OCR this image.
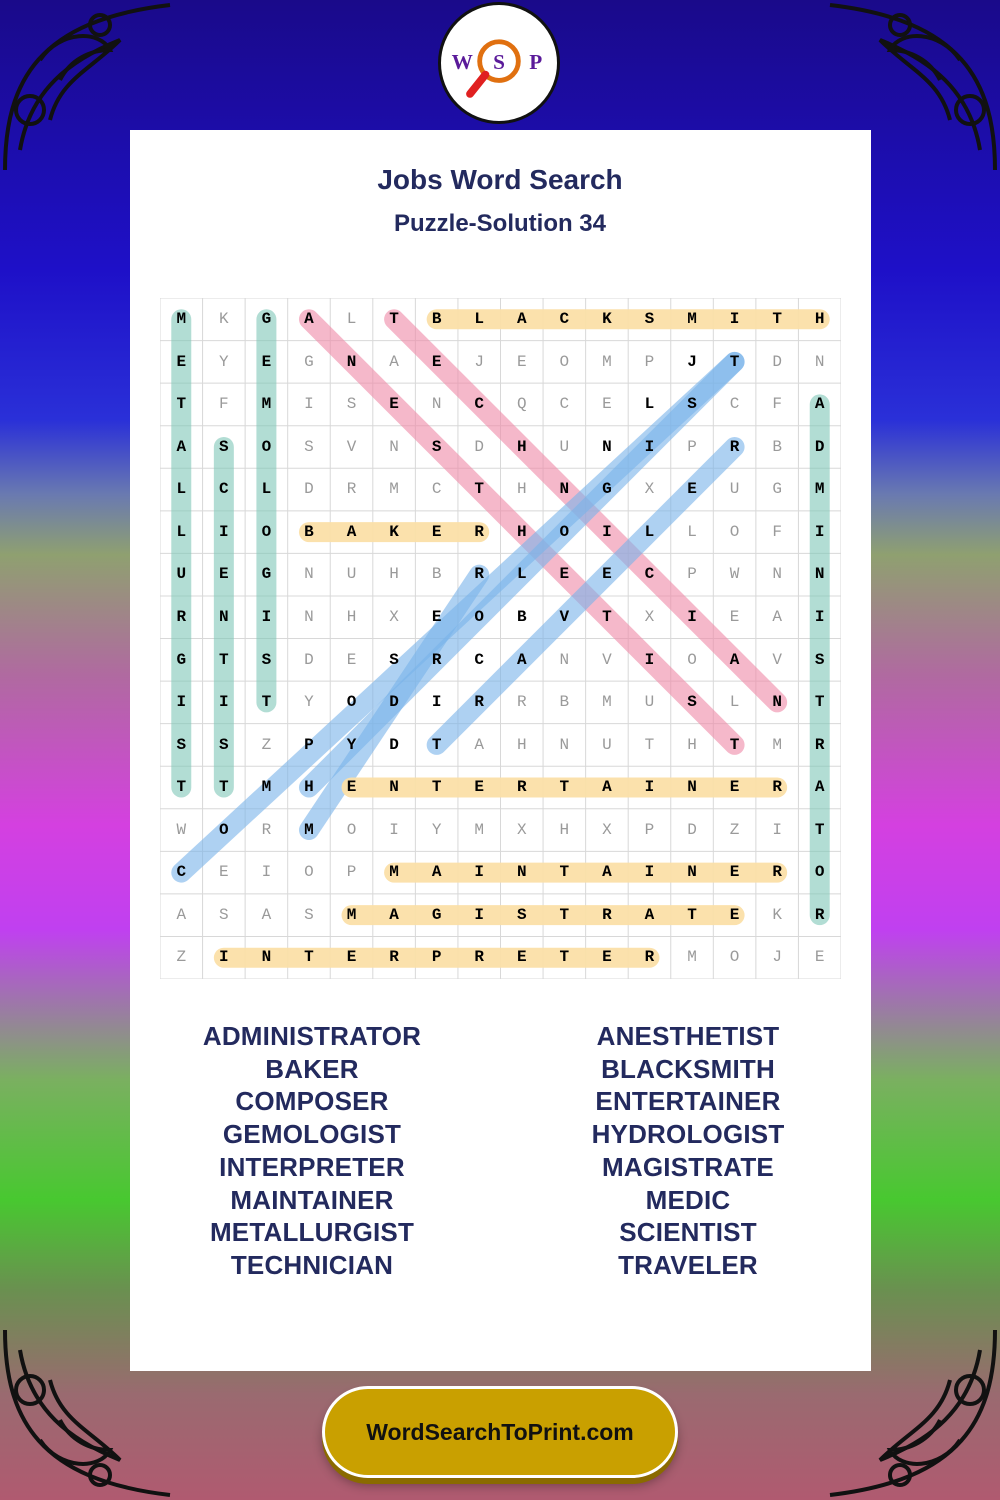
W S P
Jobs Word Search
Puzzle-Solution 34
M	K	G	A	L	T	B	L	A	C	K	S	M	I	T	H
E	Y	E	G	N	A	E	J	E	O	M	P	J	T	D	N
T	F	M	I	S	E	N	C	Q	C	E	L	S	C	F	A
A	S	O	S	V	N	S	D	H	U	N	I	P	R	B	D
L	C	L	D	R	M	C	T	H	N	G	X	E	U	G	M
L	I	O	B	A	K	E	R	H	O	I	L	L	O	F	I
U	E	G	N	U	H	B	R	L	E	E	C	P	W	N	N
R	N	I	N	H	X	E	O	B	V	T	X	I	E	A	I
G	T	S	D	E	S	R	C	A	N	V	I	O	A	V	S
I	I	T	Y	O	D	I	R	R	B	M	U	S	L	N	T
S	S	Z	P	Y	D	T	A	H	N	U	T	H	T	M	R
T	T	M	H	E	N	T	E	R	T	A	I	N	E	R	A
W	O	R	M	O	I	Y	M	X	H	X	P	D	Z	I	T
C	E	I	O	P	M	A	I	N	T	A	I	N	E	R	O
A	S	A	S	M	A	G	I	S	T	R	A	T	E	K	R
Z	I	N	T	E	R	P	R	E	T	E	R	M	O	J	E
ADMINISTRATOR
BAKER
COMPOSER
GEMOLOGIST
INTERPRETER
MAINTAINER
METALLURGIST
TECHNICIAN
ANESTHETIST
BLACKSMITH
ENTERTAINER
HYDROLOGIST
MAGISTRATE
MEDIC
SCIENTIST
TRAVELER
WordSearchToPrint.com
